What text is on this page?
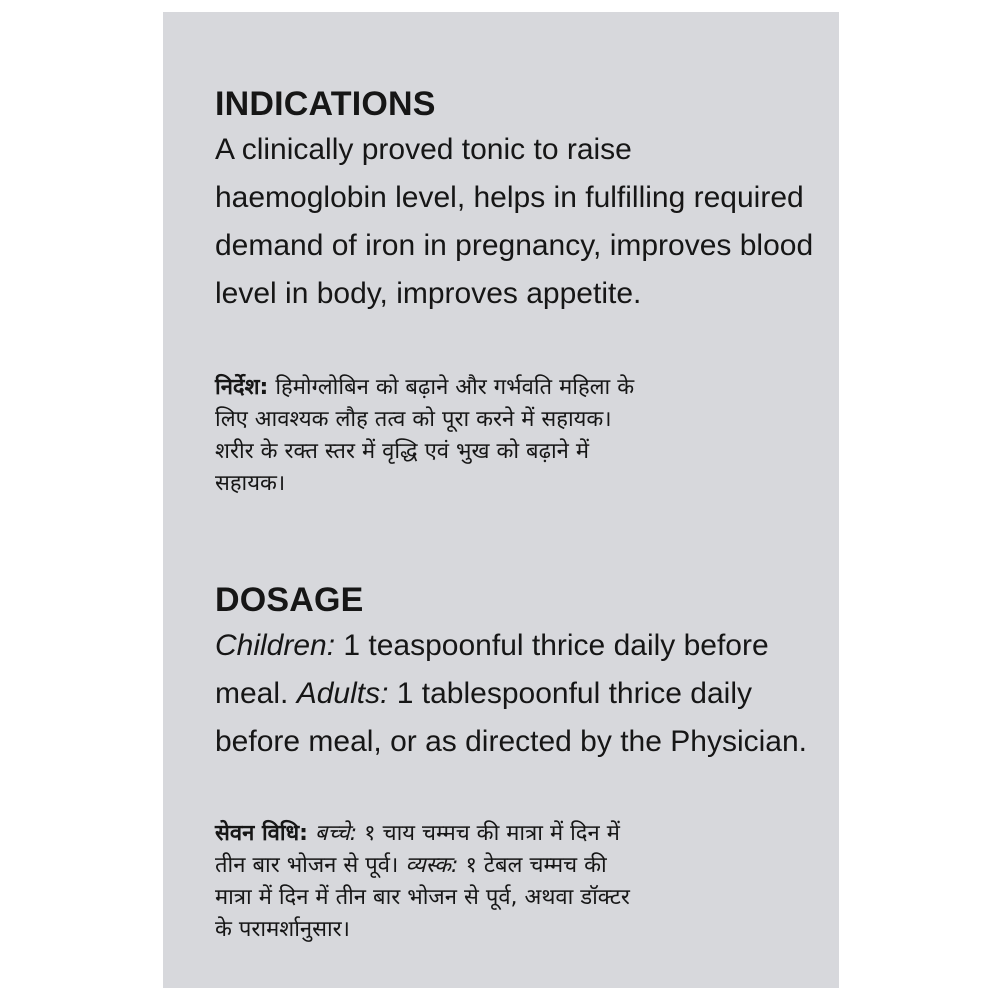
INDICATIONS

A clinically proved tonic to raise
haemoglobin level, helps in fulfilling required
demand of iron in pregnancy, improves blood
level in body, improves appetite.

निर्देश: हिमोग्लोबिन को बढ़ाने और गर्भवति महिला के
लिए आवश्यक लौह तत्व को पूरा करने में सहायक।
शरीर के रक्त स्तर में वृद्धि एवं भुख को बढ़ाने में
सहायक।

DOSAGE

Children: 1 teaspoonful thrice daily before
meal. Adults: 1 tablespoonful thrice daily
before meal, or as directed by the Physician.

सेवन विधि: बच्चे: १ चाय चम्मच की मात्रा में दिन में
तीन बार भोजन से पूर्व। व्यस्क: १ टेबल चम्मच की
मात्रा में दिन में तीन बार भोजन से पूर्व, अथवा डॉक्टर
के परामर्शानुसार।
